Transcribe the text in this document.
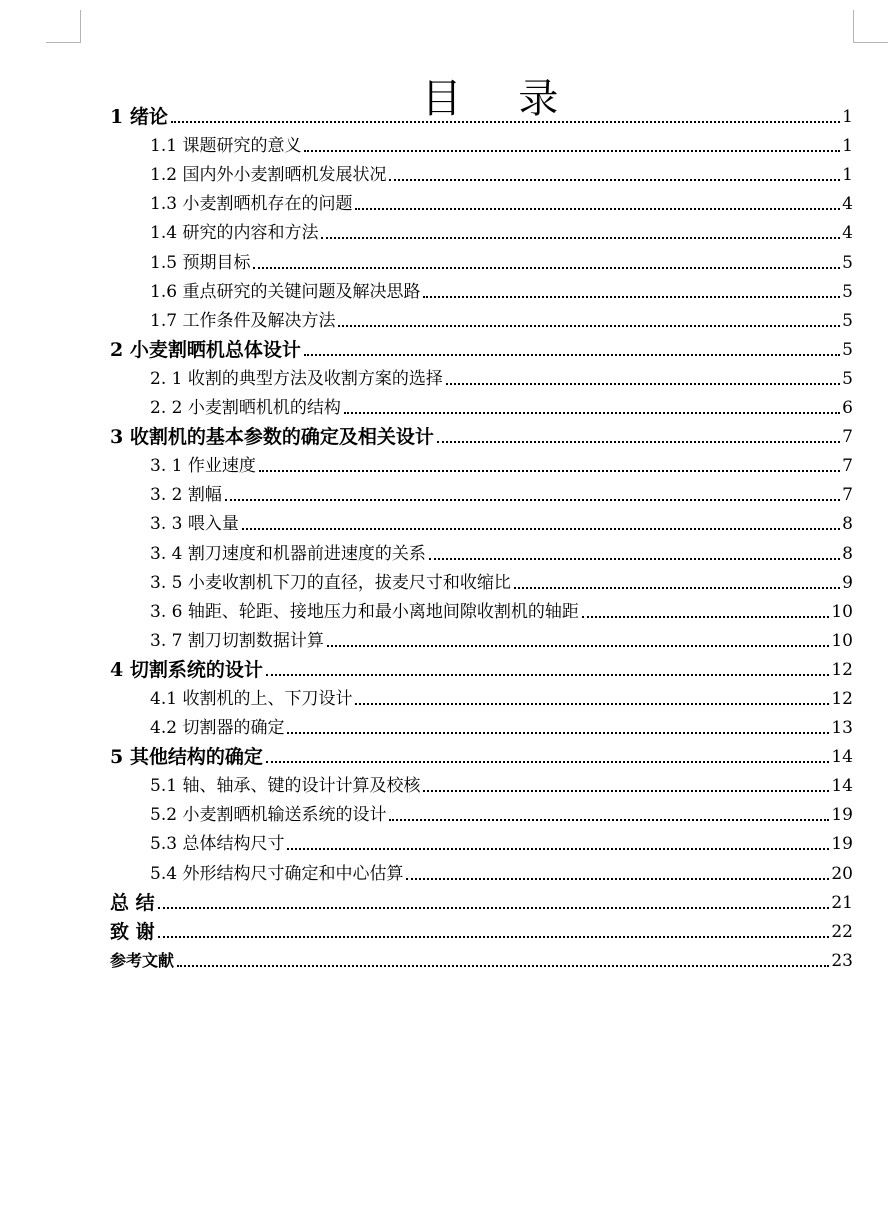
目 录
1 绪论	1
1.1 课题研究的意义	1
1.2 国内外小麦割晒机发展状况	1
1.3 小麦割晒机存在的问题	4
1.4 研究的内容和方法	4
1.5 预期目标	5
1.6 重点研究的关键问题及解决思路	5
1.7 工作条件及解决方法	5
2 小麦割晒机总体设计	5
2. 1 收割的典型方法及收割方案的选择	5
2. 2 小麦割晒机机的结构	6
3 收割机的基本参数的确定及相关设计	7
3. 1 作业速度	7
3. 2 割幅	7
3. 3 喂入量	8
3. 4 割刀速度和机器前进速度的关系	8
3. 5 小麦收割机下刀的直径，拔麦尺寸和收缩比	9
3. 6 轴距、轮距、接地压力和最小离地间隙收割机的轴距	10
3. 7 割刀切割数据计算	10
4 切割系统的设计	12
4.1 收割机的上、下刀设计	12
4.2 切割器的确定	13
5 其他结构的确定	14
5.1 轴、轴承、键的设计计算及校核	14
5.2 小麦割晒机输送系统的设计	19
5.3 总体结构尺寸	19
5.4 外形结构尺寸确定和中心估算	20
总 结	21
致 谢	22
参考文献	23
